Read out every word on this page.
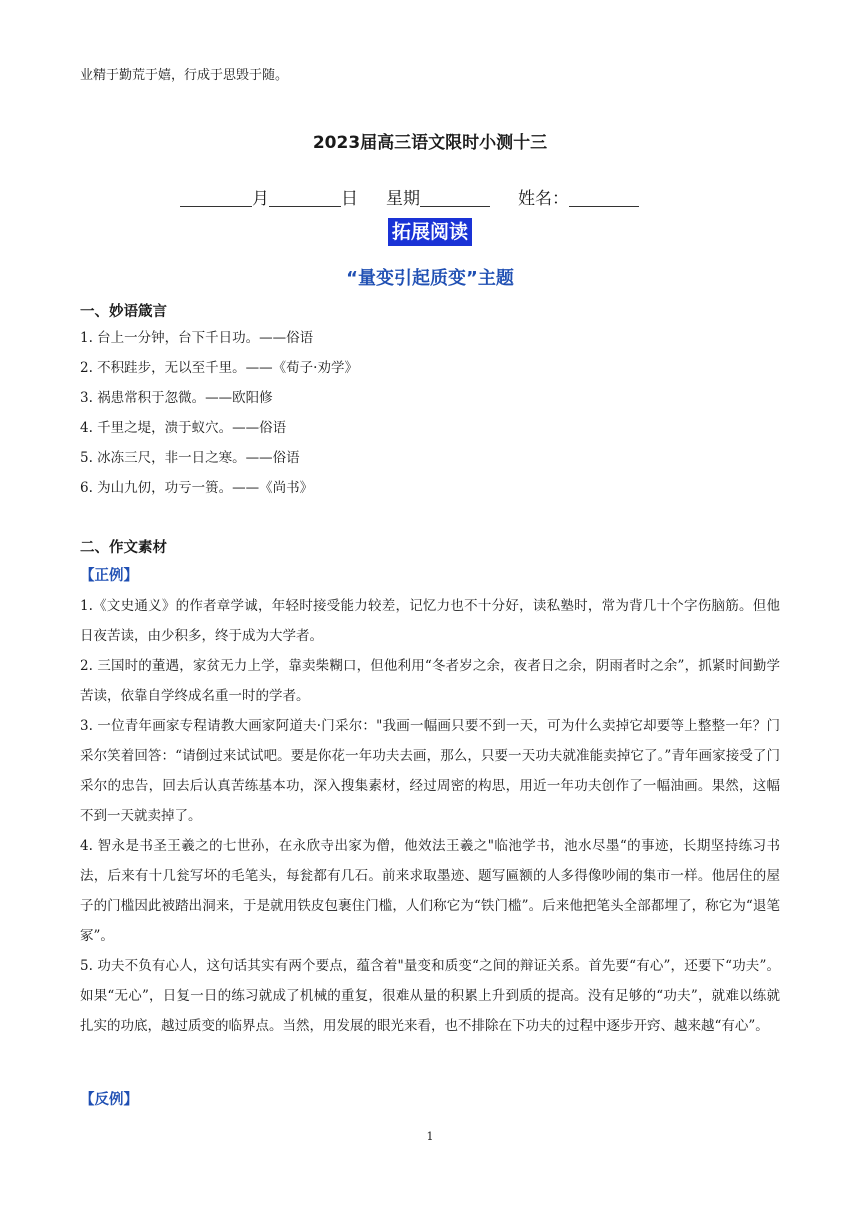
业精于勤荒于嬉，行成于思毁于随。
2023届高三语文限时小测十三
月	日 星期	姓名：
拓展阅读
“量变引起质变”主题
一、妙语箴言
1. 台上一分钟，台下千日功。——俗语
2. 不积跬步，无以至千里。——《荀子·劝学》
3. 祸患常积于忽微。——欧阳修
4. 千里之堤，溃于蚁穴。——俗语
5. 冰冻三尺，非一日之寒。——俗语
6. 为山九仞，功亏一篑。——《尚书》
二、作文素材
【正例】

1.《文史通义》的作者章学诚，年轻时接受能力较差，记忆力也不十分好，读私塾时，常为背几十个字伤脑筋。但他日夜苦读，由少积多，终于成为大学者。

2. 三国时的董遇，家贫无力上学，靠卖柴糊口，但他利用“冬者岁之余，夜者日之余，阴雨者时之余”，抓紧时间勤学苦读，依靠自学终成名重一时的学者。

3. 一位青年画家专程请教大画家阿道夫·门采尔："我画一幅画只要不到一天，可为什么卖掉它却要等上整整一年？门采尔笑着回答：“请倒过来试试吧。要是你花一年功夫去画，那么，只要一天功夫就准能卖掉它了。”青年画家接受了门采尔的忠告，回去后认真苦练基本功，深入搜集素材，经过周密的构思，用近一年功夫创作了一幅油画。果然，这幅不到一天就卖掉了。

4. 智永是书圣王羲之的七世孙，在永欣寺出家为僧，他效法王羲之"临池学书，池水尽墨“的事迹，长期坚持练习书法，后来有十几瓮写坏的毛笔头，每瓮都有几石。前来求取墨迹、题写匾额的人多得像吵闹的集市一样。他居住的屋子的门槛因此被踏出洞来，于是就用铁皮包裹住门槛，人们称它为“铁门槛”。后来他把笔头全部都埋了，称它为“退笔冢”。

5. 功夫不负有心人，这句话其实有两个要点，蕴含着"量变和质变“之间的辩证关系。首先要“有心”，还要下“功夫”。如果“无心”，日复一日的练习就成了机械的重复，很难从量的积累上升到质的提高。没有足够的“功夫”，就难以练就扎实的功底，越过质变的临界点。当然，用发展的眼光来看，也不排除在下功夫的过程中逐步开窍、越来越“有心”。

【反例】
1
